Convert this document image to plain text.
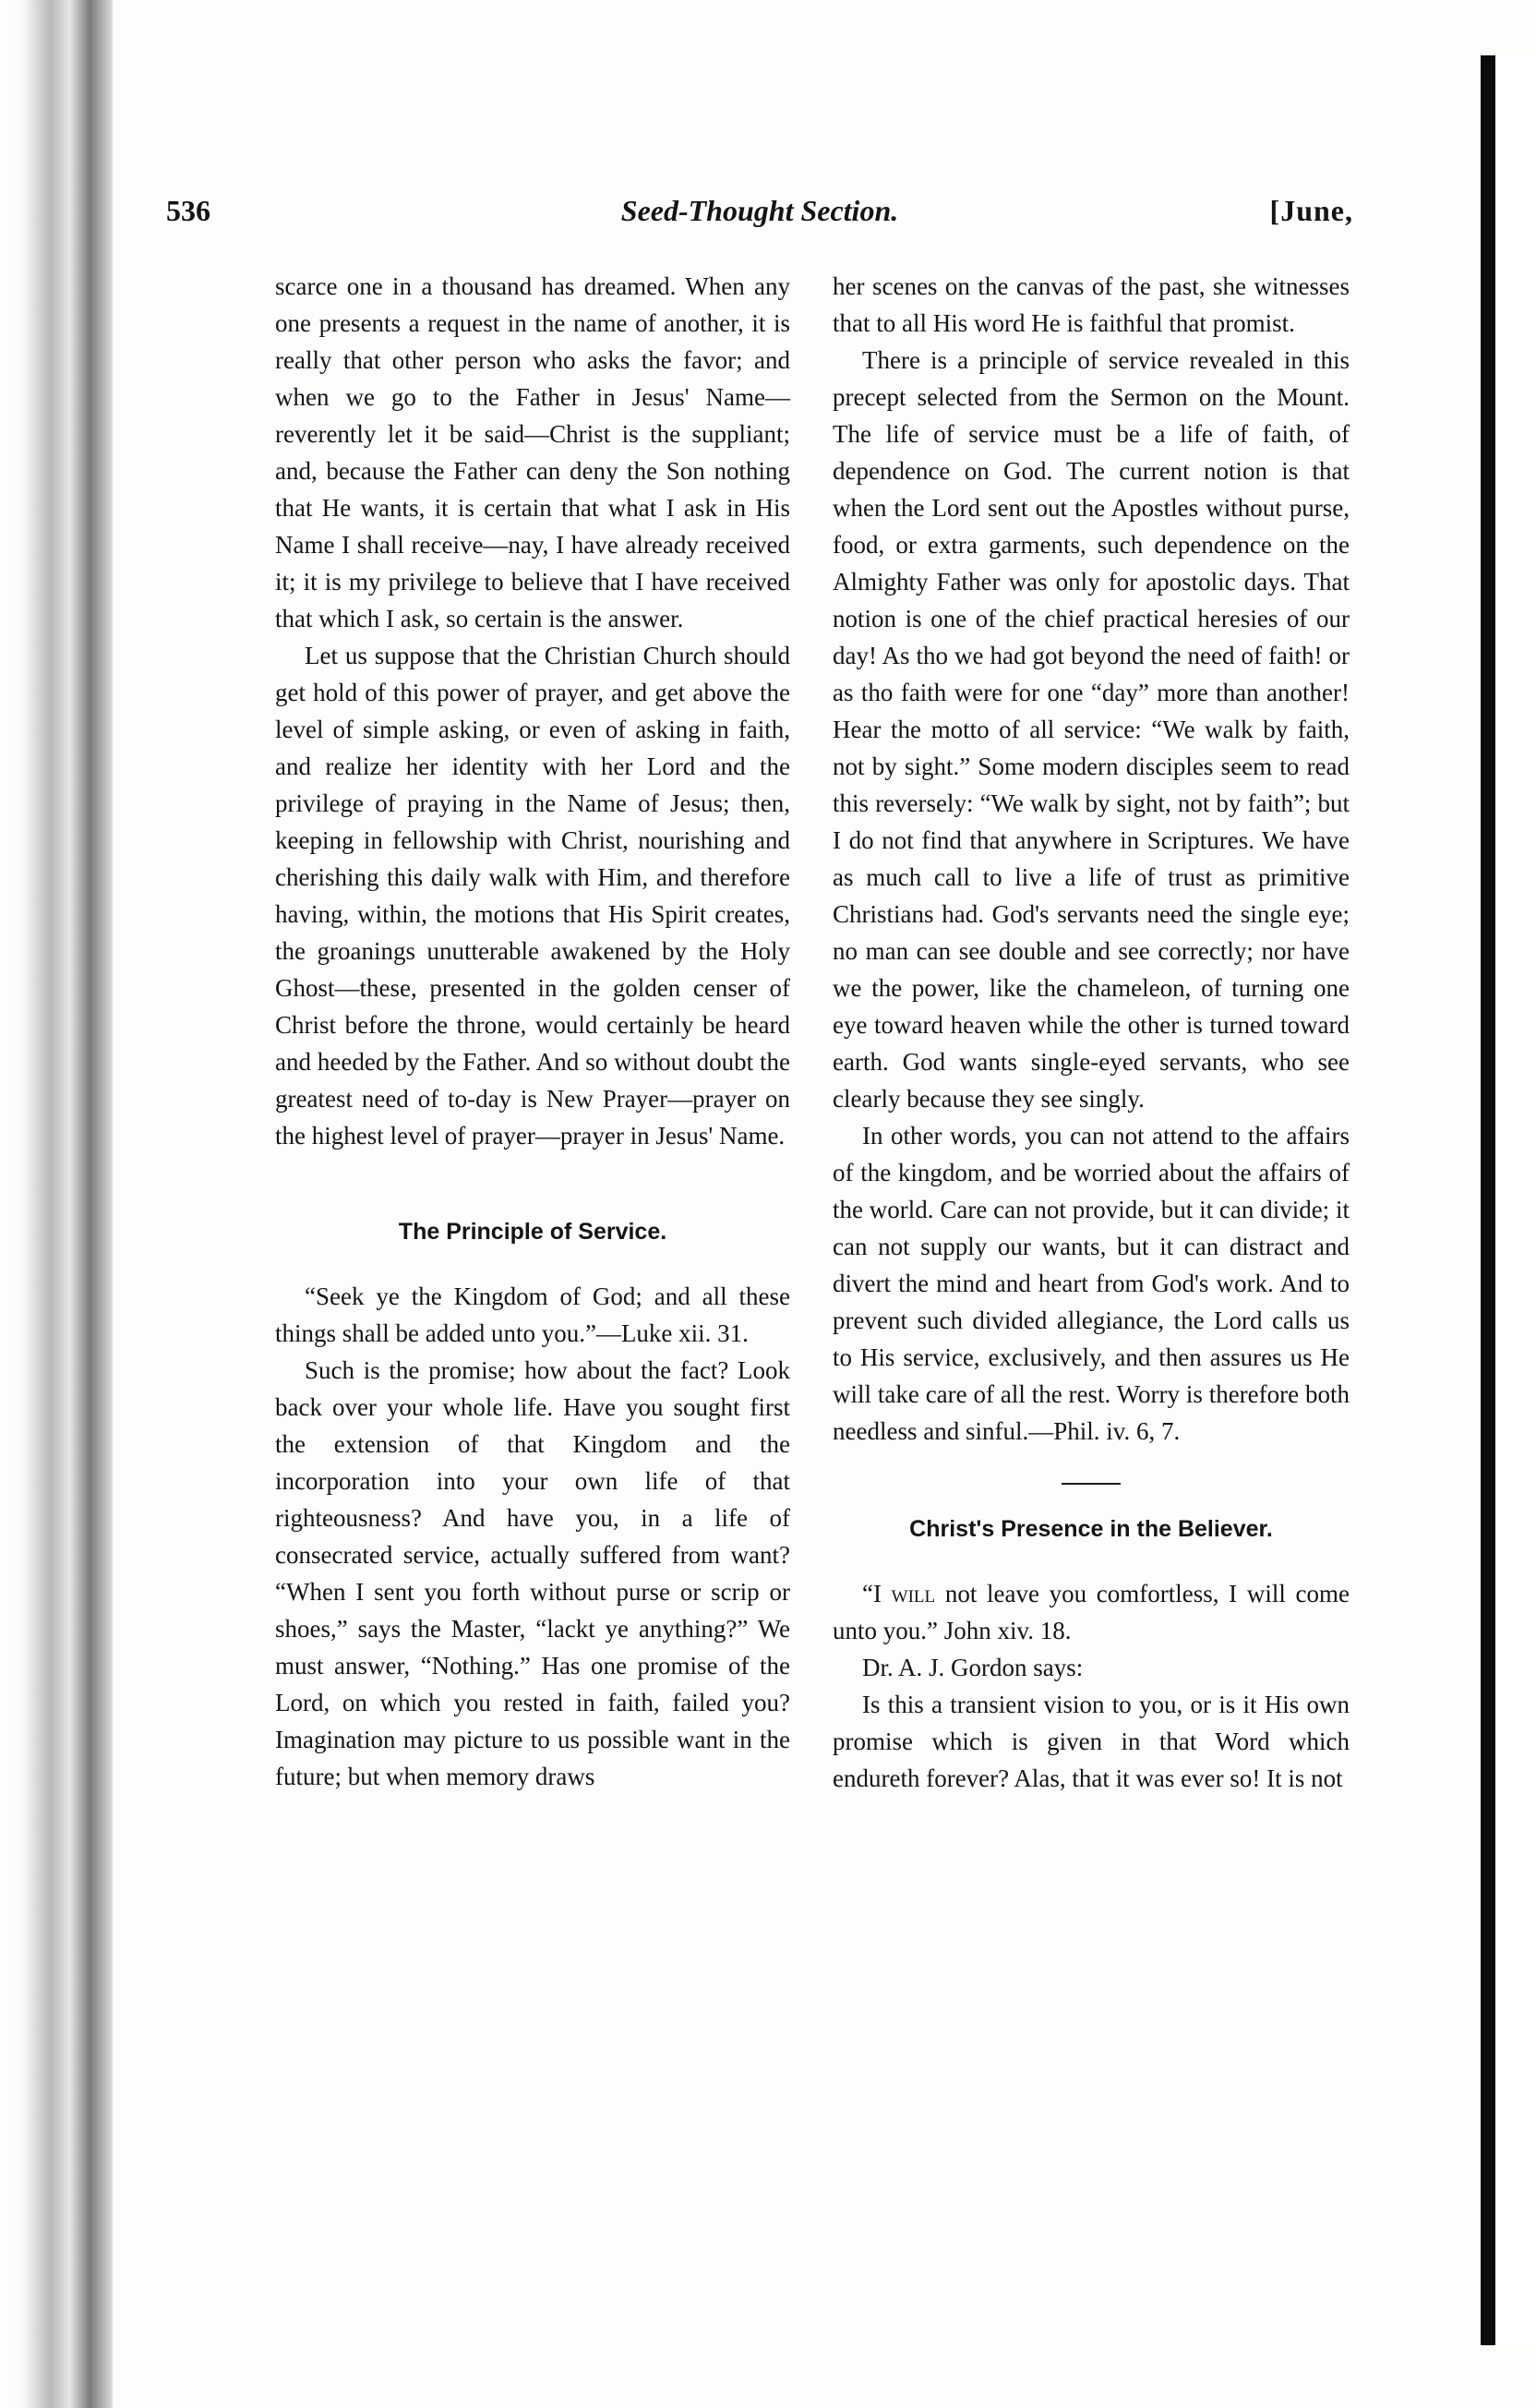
536	Seed-Thought Section.	[June,

scarce one in a thousand has dreamed. When any one presents a request in the name of another, it is really that other person who asks the favor; and when we go to the Father in Jesus' Name—reverently let it be said—Christ is the suppliant; and, because the Father can deny the Son nothing that He wants, it is certain that what I ask in His Name I shall receive—nay, I have already received it; it is my privilege to believe that I have received that which I ask, so certain is the answer.

Let us suppose that the Christian Church should get hold of this power of prayer, and get above the level of simple asking, or even of asking in faith, and realize her identity with her Lord and the privilege of praying in the Name of Jesus; then, keeping in fellowship with Christ, nourishing and cherishing this daily walk with Him, and therefore having, within, the motions that His Spirit creates, the groanings unutterable awakened by the Holy Ghost—these, presented in the golden censer of Christ before the throne, would certainly be heard and heeded by the Father. And so without doubt the greatest need of to-day is New Prayer—prayer on the highest level of prayer—prayer in Jesus' Name.

The Principle of Service.

“Seek ye the Kingdom of God; and all these things shall be added unto you.”—Luke xii. 31.

Such is the promise; how about the fact? Look back over your whole life. Have you sought first the extension of that Kingdom and the incorporation into your own life of that righteousness? And have you, in a life of consecrated service, actually suffered from want? “When I sent you forth without purse or scrip or shoes,” says the Master, “lackt ye anything?” We must answer, “Nothing.” Has one promise of the Lord, on which you rested in faith, failed you? Imagination may picture to us possible want in the future; but when memory draws

her scenes on the canvas of the past, she witnesses that to all His word He is faithful that promist.

There is a principle of service revealed in this precept selected from the Sermon on the Mount. The life of service must be a life of faith, of dependence on God. The current notion is that when the Lord sent out the Apostles without purse, food, or extra garments, such dependence on the Almighty Father was only for apostolic days. That notion is one of the chief practical heresies of our day! As tho we had got beyond the need of faith! or as tho faith were for one “day” more than another! Hear the motto of all service: “We walk by faith, not by sight.” Some modern disciples seem to read this reversely: “We walk by sight, not by faith”; but I do not find that anywhere in Scriptures. We have as much call to live a life of trust as primitive Christians had. God's servants need the single eye; no man can see double and see correctly; nor have we the power, like the chameleon, of turning one eye toward heaven while the other is turned toward earth. God wants single-eyed servants, who see clearly because they see singly.

In other words, you can not attend to the affairs of the kingdom, and be worried about the affairs of the world. Care can not provide, but it can divide; it can not supply our wants, but it can distract and divert the mind and heart from God's work. And to prevent such divided allegiance, the Lord calls us to His service, exclusively, and then assures us He will take care of all the rest. Worry is therefore both needless and sinful.—Phil. iv. 6, 7.

Christ's Presence in the Believer.

“I will not leave you comfortless, I will come unto you.” John xiv. 18.

Dr. A. J. Gordon says:

Is this a transient vision to you, or is it His own promise which is given in that Word which endureth forever? Alas, that it was ever so! It is not
